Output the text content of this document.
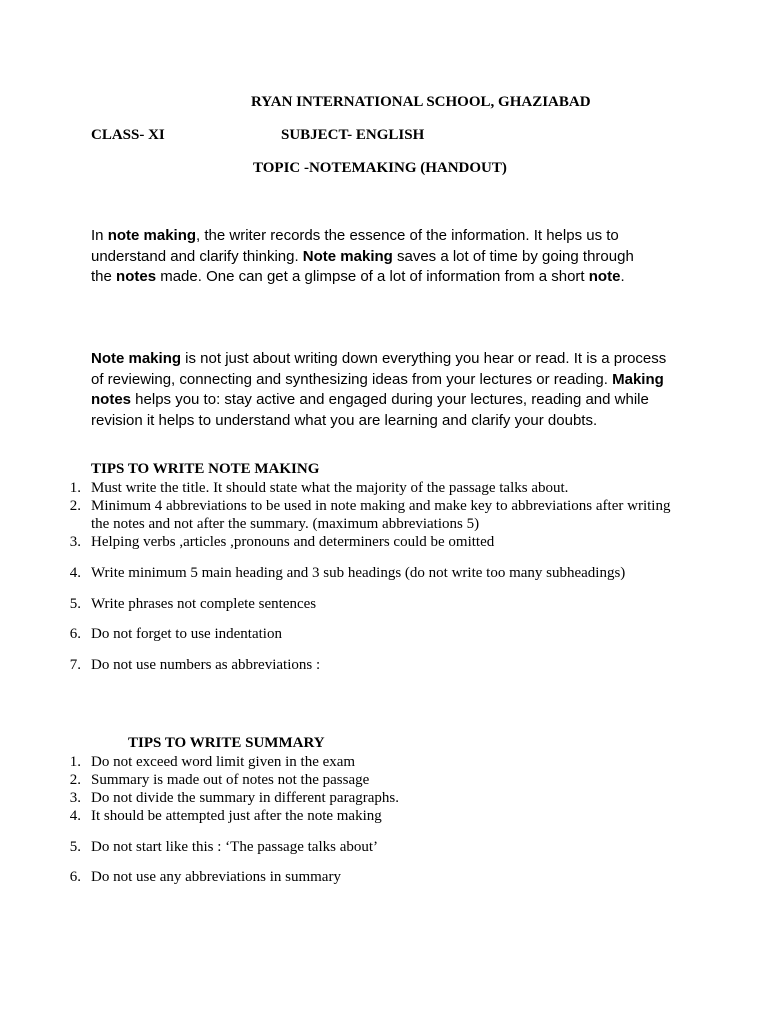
RYAN INTERNATIONAL SCHOOL, GHAZIABAD
CLASS- XI	SUBJECT- ENGLISH
TOPIC -NOTEMAKING (HANDOUT)
In note making, the writer records the essence of the information. It helps us to
understand and clarify thinking. Note making saves a lot of time by going through
the notes made. One can get a glimpse of a lot of information from a short note.
Note making is not just about writing down everything you hear or read. It is a process
of reviewing, connecting and synthesizing ideas from your lectures or reading. Making
notes helps you to: stay active and engaged during your lectures, reading and while
revision it helps to understand what you are learning and clarify your doubts.
TIPS TO WRITE NOTE MAKING
1. Must write the title. It should state what the majority of the passage talks about.
2. Minimum 4 abbreviations to be used in note making and make key to abbreviations after writing
the notes and not after the summary. (maximum abbreviations 5)
3. Helping verbs ,articles ,pronouns and determiners could be omitted
4. Write minimum 5 main heading and 3 sub headings (do not write too many subheadings)
5. Write phrases not complete sentences
6. Do not forget to use indentation
7. Do not use numbers as abbreviations :
TIPS TO WRITE SUMMARY
1. Do not exceed word limit given in the exam
2. Summary is made out of notes not the passage
3. Do not divide the summary in different paragraphs.
4. It should be attempted just after the note making
5. Do not start like this : ‘The passage talks about’
6. Do not use any abbreviations in summary
